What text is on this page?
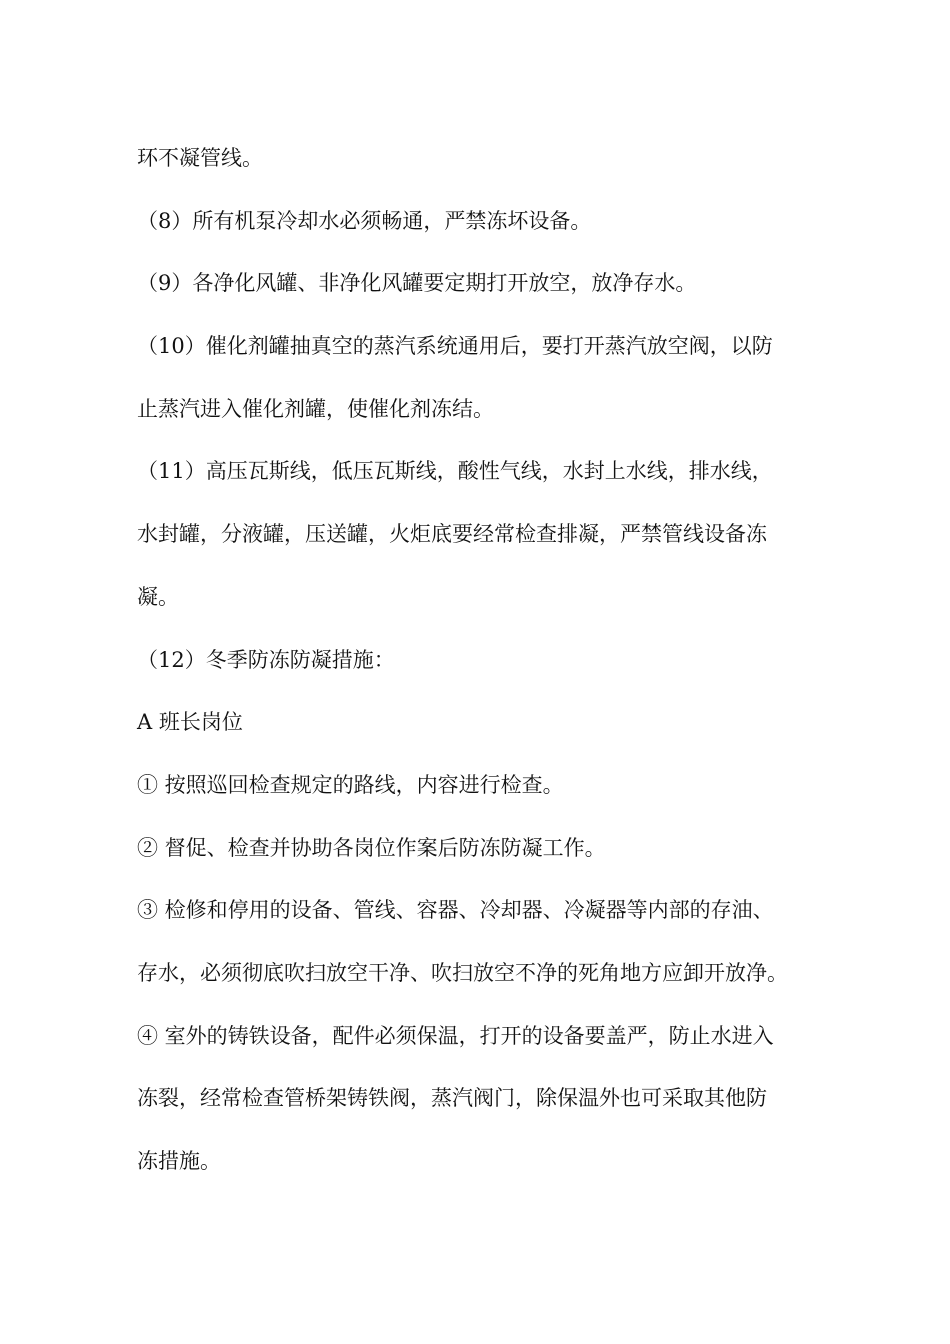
环不凝管线。
（8）所有机泵冷却水必须畅通，严禁冻坏设备。
（9）各净化风罐、非净化风罐要定期打开放空，放净存水。
（10）催化剂罐抽真空的蒸汽系统通用后，要打开蒸汽放空阀，以防
止蒸汽进入催化剂罐，使催化剂冻结。
（11）高压瓦斯线，低压瓦斯线，酸性气线，水封上水线，排水线，
水封罐，分液罐，压送罐，火炬底要经常检查排凝，严禁管线设备冻
凝。
（12）冬季防冻防凝措施：
A 班长岗位
① 按照巡回检查规定的路线，内容进行检查。
② 督促、检查并协助各岗位作案后防冻防凝工作。
③ 检修和停用的设备、管线、容器、冷却器、冷凝器等内部的存油、
存水，必须彻底吹扫放空干净、吹扫放空不净的死角地方应卸开放净。
④ 室外的铸铁设备，配件必须保温，打开的设备要盖严，防止水进入
冻裂，经常检查管桥架铸铁阀，蒸汽阀门，除保温外也可采取其他防
冻措施。
